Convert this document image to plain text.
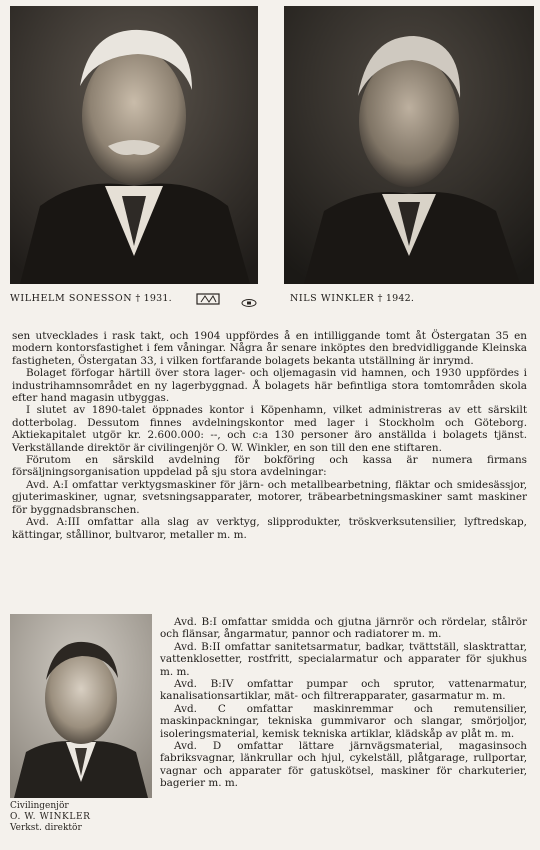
WILHELM SONESSON † 1931.	NILS WINKLER † 1942.

sen utvecklades i rask takt, och 1904 uppfördes å en intilliggande tomt åt Östergatan 35 en modern kontorsfastighet i fem våningar. Några år senare inköptes den bredvidliggande Kleinska fastigheten, Östergatan 33, i vilken fortfarande bolagets bekanta utställning är inrymd.

Bolaget förfogar härtill över stora lager- och oljemagasin vid hamnen, och 1930 uppfördes i industrihamnsområdet en ny lagerbyggnad. Å bolagets här befintliga stora tomtområden skola efter hand magasin utbyggas.

I slutet av 1890-talet öppnades kontor i Köpenhamn, vilket administreras av ett särskilt dotterbolag. Dessutom finnes avdelningskontor med lager i Stockholm och Göteborg. Aktiekapitalet utgör kr. 2.600.000: --, och c:a 130 personer äro anställda i bolagets tjänst. Verkställande direktör är civilingenjör O. W. Winkler, en son till den ene stiftaren.

Förutom en särskild avdelning för bokföring och kassa är numera firmans försäljningsorganisation uppdelad på sju stora avdelningar:

Avd. A:I omfattar verktygsmaskiner för järn- och metallbearbetning, fläktar och smidesässjor, gjuterimaskiner, ugnar, svetsningsapparater, motorer, träbearbetningsmaskiner samt maskiner för byggnadsbranschen.

Avd. A:III omfattar alla slag av verktyg, slipprodukter, tröskverksutensilier, lyftredskap, kättingar, stållinor, bultvaror, metaller m. m.

Civilingenjör
O. W. WINKLER
Verkst. direktör

Avd. B:I omfattar smidda och gjutna järnrör och rördelar, stålrör och flänsar, ångarmatur, pannor och radiatorer m. m.

Avd. B:II omfattar sanitetsarmatur, badkar, tvättställ, slasktrattar, vattenklosetter, rostfritt, specialarmatur och apparater för sjukhus m. m.

Avd. B:IV omfattar pumpar och sprutor, vattenarmatur, kanalisationsartiklar, mät- och filtrerapparater, gasarmatur m. m.

Avd. C omfattar maskinremmar och remutensilier, maskinpackningar, tekniska gummivaror och slangar, smörjoljor, isoleringsmaterial, kemisk tekniska artiklar, klädskåp av plåt m. m.

Avd. D omfattar lättare järnvägsmaterial, magasinsoch fabriksvagnar, länkrullar och hjul, cykelställ, plåtgarage, rullportar, vagnar och apparater för gatuskötsel, maskiner för charkuterier, bagerier m. m.
